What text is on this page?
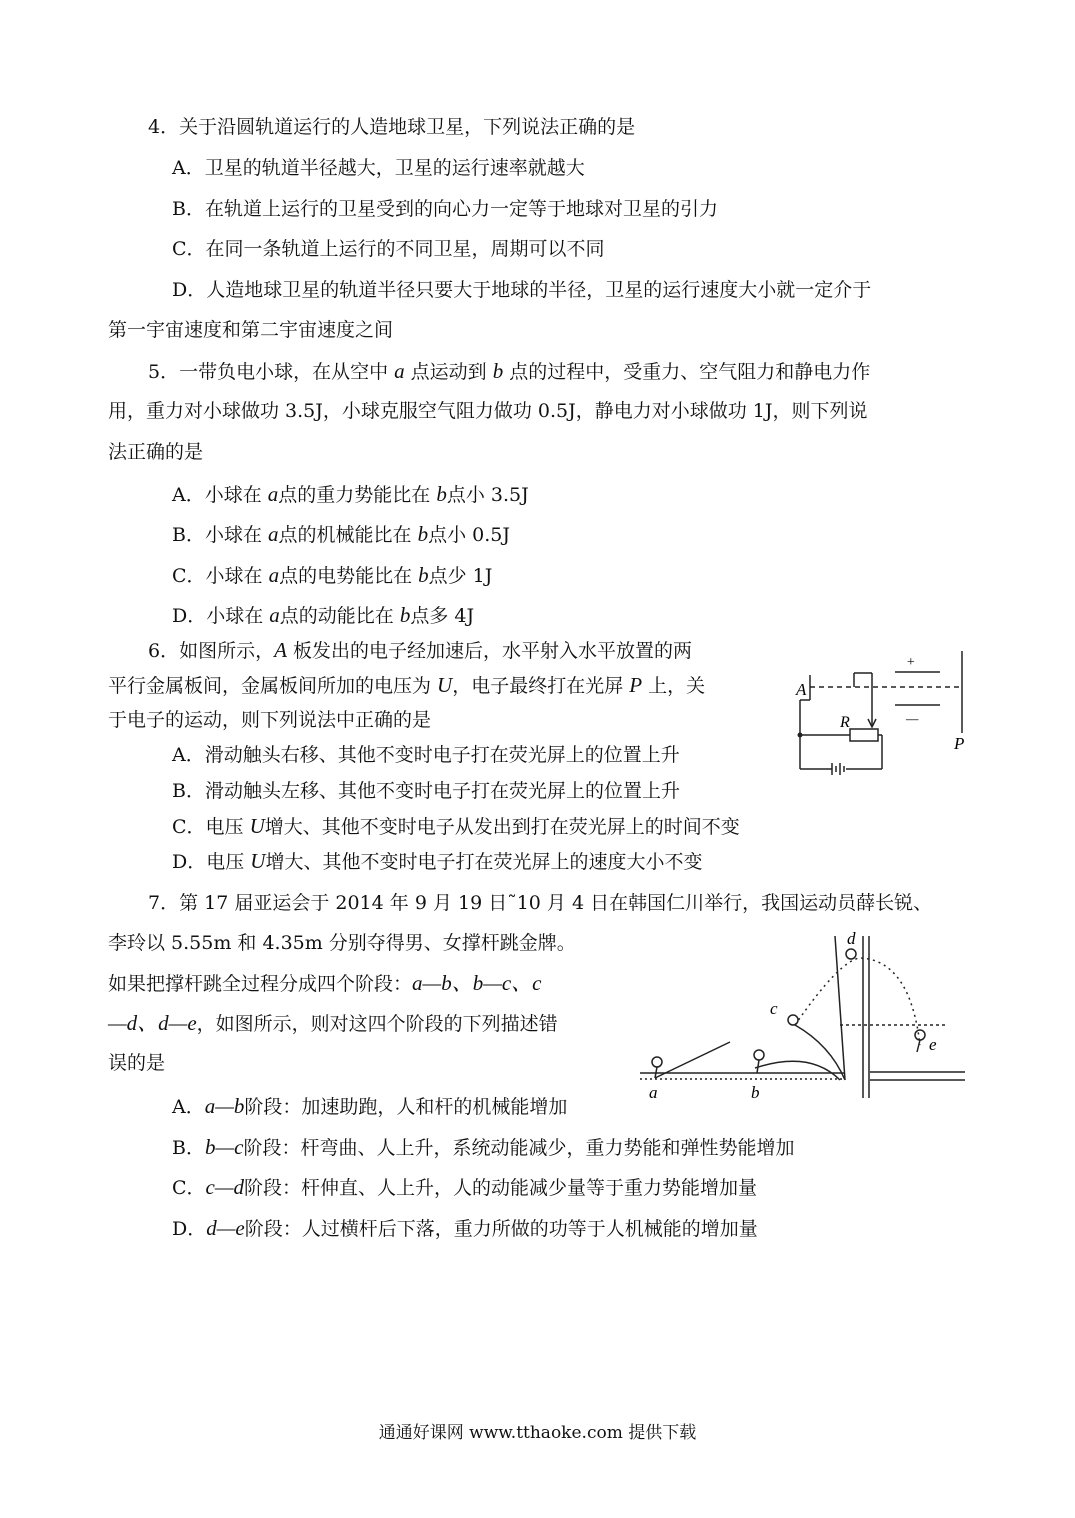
4．关于沿圆轨道运行的人造地球卫星，下列说法正确的是
A．卫星的轨道半径越大，卫星的运行速率就越大
B．在轨道上运行的卫星受到的向心力一定等于地球对卫星的引力
C．在同一条轨道上运行的不同卫星，周期可以不同
D．人造地球卫星的轨道半径只要大于地球的半径，卫星的运行速度大小就一定介于
第一宇宙速度和第二宇宙速度之间
5．一带负电小球，在从空中 a 点运动到 b 点的过程中，受重力、空气阻力和静电力作
用，重力对小球做功 3.5J，小球克服空气阻力做功 0.5J，静电力对小球做功 1J，则下列说
法正确的是
A．小球在 a点的重力势能比在 b点小 3.5J
B．小球在 a点的机械能比在 b点小 0.5J
C．小球在 a点的电势能比在 b点少 1J
D．小球在 a点的动能比在 b点多 4J
6．如图所示，A 板发出的电子经加速后，水平射入水平放置的两
平行金属板间，金属板间所加的电压为 U，电子最终打在光屏 P 上，关
于电子的运动，则下列说法中正确的是
A．滑动触头右移、其他不变时电子打在荧光屏上的位置上升
B．滑动触头左移、其他不变时电子打在荧光屏上的位置上升
C．电压 U增大、其他不变时电子从发出到打在荧光屏上的时间不变
D．电压 U增大、其他不变时电子打在荧光屏上的速度大小不变
+
—
A
R
P
7．第 17 届亚运会于 2014 年 9 月 19 日˜10 月 4 日在韩国仁川举行，我国运动员薛长锐、
李玲以 5.55m 和 4.35m 分别夺得男、女撑杆跳金牌。
如果把撑杆跳全过程分成四个阶段：a—b、b—c、c
—d、d—e，如图所示，则对这四个阶段的下列描述错
误的是
A．a—b阶段：加速助跑，人和杆的机械能增加
B．b—c阶段：杆弯曲、人上升，系统动能减少，重力势能和弹性势能增加
C．c—d阶段：杆伸直、人上升，人的动能减少量等于重力势能增加量
D．d—e阶段：人过横杆后下落，重力所做的功等于人机械能的增加量
a	b
c
d
e
通通好课网 www.tthaoke.com 提供下载
